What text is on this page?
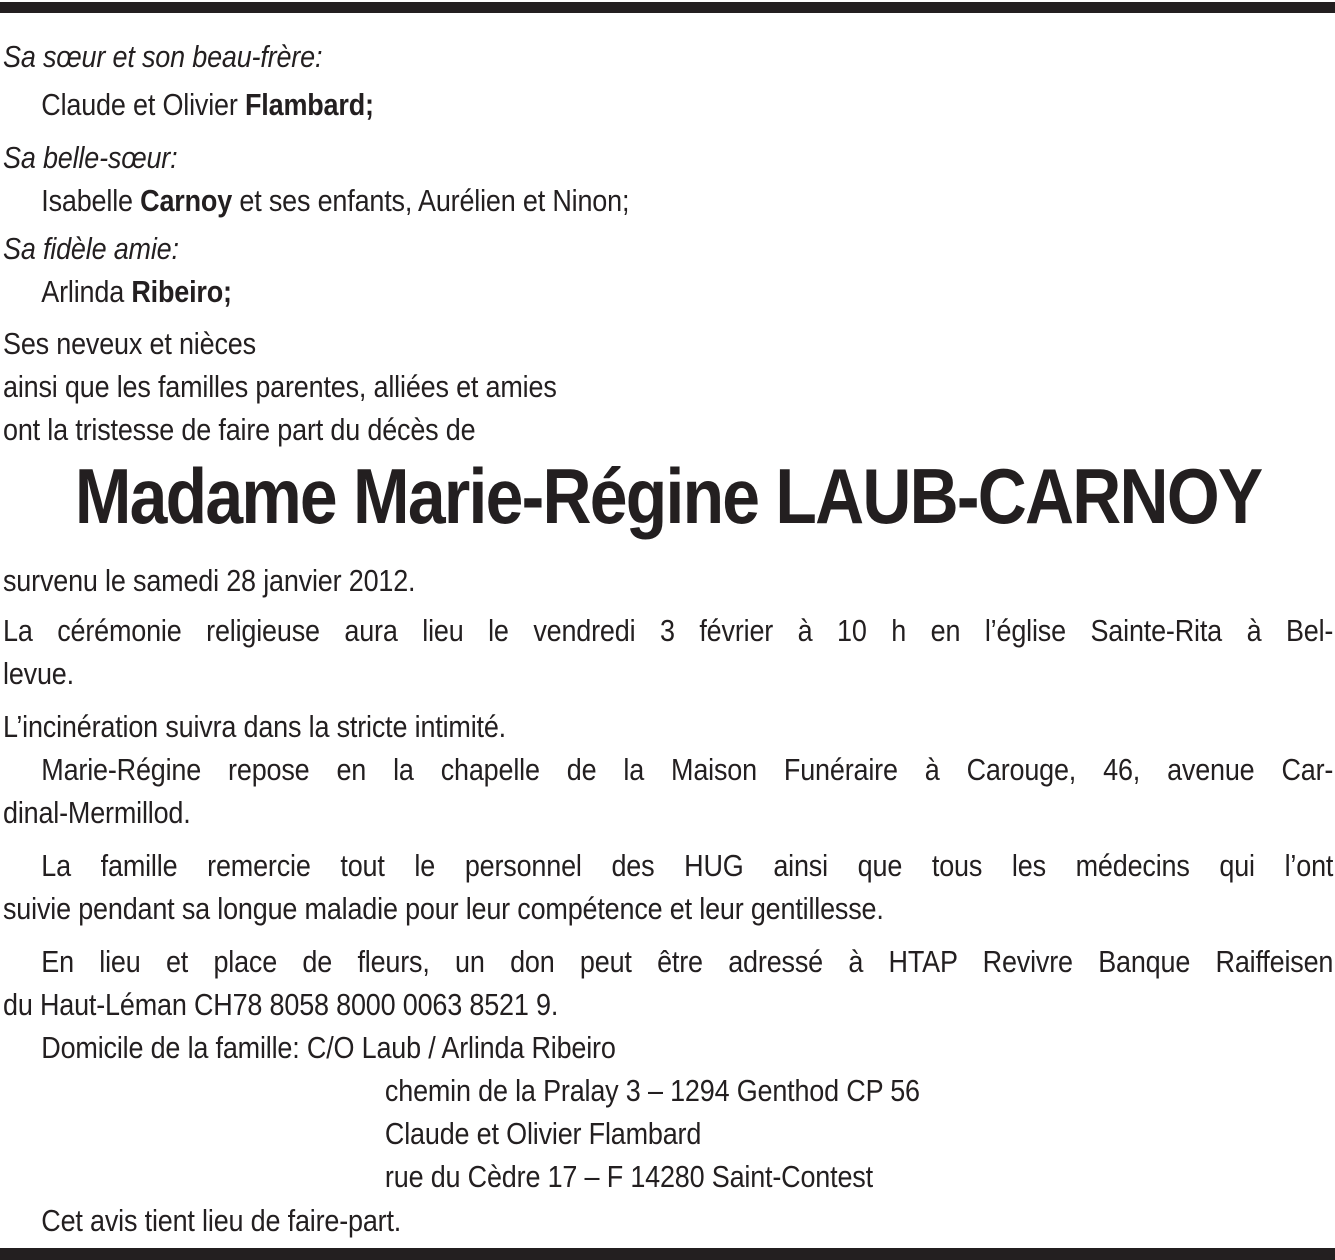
Sa sœur et son beau-frère:
Claude et Olivier Flambard;
Sa belle-sœur:
Isabelle Carnoy et ses enfants, Aurélien et Ninon;
Sa fidèle amie:
Arlinda Ribeiro;
Ses neveux et nièces
ainsi que les familles parentes, alliées et amies
ont la tristesse de faire part du décès de
Madame Marie-Régine LAUB-CARNOY
survenu le samedi 28 janvier 2012.
La cérémonie religieuse aura lieu le vendredi 3 février à 10 h en l’église Sainte-Rita à Bel-
levue.
L’incinération suivra dans la stricte intimité.
Marie-Régine repose en la chapelle de la Maison Funéraire à Carouge, 46, avenue Car-
dinal-Mermillod.
La famille remercie tout le personnel des HUG ainsi que tous les médecins qui l’ont
suivie pendant sa longue maladie pour leur compétence et leur gentillesse.
En lieu et place de fleurs, un don peut être adressé à HTAP Revivre Banque Raiffeisen
du Haut-Léman CH78 8058 8000 0063 8521 9.
Domicile de la famille: C/O Laub / Arlinda Ribeiro
chemin de la Pralay 3 – 1294 Genthod CP 56
Claude et Olivier Flambard
rue du Cèdre 17 – F 14280 Saint-Contest
Cet avis tient lieu de faire-part.
